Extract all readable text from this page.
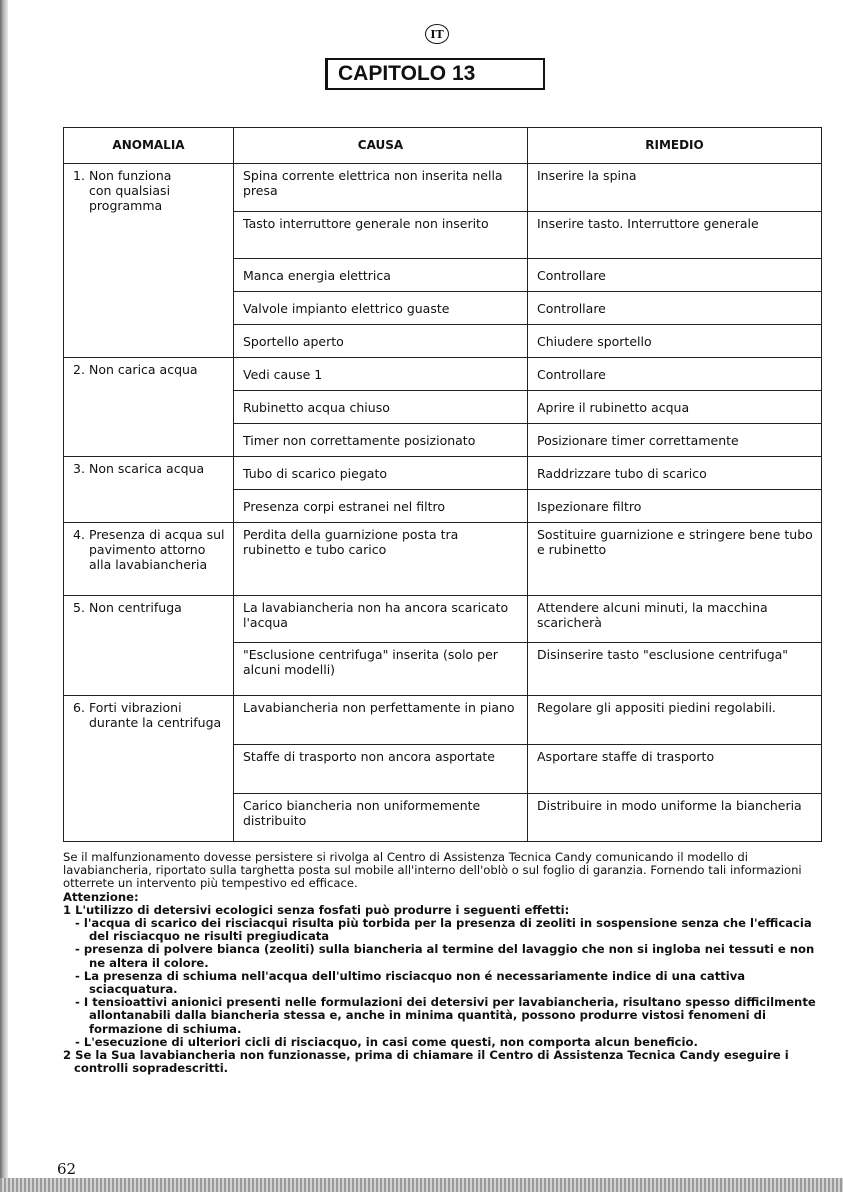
IT
CAPITOLO 13
ANOMALIA	CAUSA	RIMEDIO

1. Non funziona con qualsiasi programma	Spina corrente elettrica non inserita nella presa	Inserire la spina
	Tasto interruttore generale non inserito	Inserire tasto. Interruttore generale
	Manca energia elettrica	Controllare
	Valvole impianto elettrico guaste	Controllare
	Sportello aperto	Chiudere sportello

2. Non carica acqua	Vedi cause 1	Controllare
	Rubinetto acqua chiuso	Aprire il rubinetto acqua
	Timer non correttamente posizionato	Posizionare timer correttamente

3. Non scarica acqua	Tubo di scarico piegato	Raddrizzare tubo di scarico
	Presenza corpi estranei nel filtro	Ispezionare filtro

4. Presenza di acqua sul pavimento attorno alla lavabiancheria	Perdita della guarnizione posta tra rubinetto e tubo carico	Sostituire guarnizione e stringere bene tubo e rubinetto

5. Non centrifuga	La lavabiancheria non ha ancora scaricato l'acqua	Attendere alcuni minuti, la macchina scaricherà
	"Esclusione centrifuga" inserita (solo per alcuni modelli)	Disinserire tasto "esclusione centrifuga"

6. Forti vibrazioni durante la centrifuga	Lavabiancheria non perfettamente in piano	Regolare gli appositi piedini regolabili.
	Staffe di trasporto non ancora asportate	Asportare staffe di trasporto
	Carico biancheria non uniformemente distribuito	Distribuire in modo uniforme la biancheria

Se il malfunzionamento dovesse persistere si rivolga al Centro di Assistenza Tecnica Candy comunicando il modello di lavabiancheria, riportato sulla targhetta posta sul mobile all'interno dell'oblò o sul foglio di garanzia. Fornendo tali informazioni otterrete un intervento più tempestivo ed efficace.

Attenzione:

1 L'utilizzo di detersivi ecologici senza fosfati può produrre i seguenti effetti:

- l'acqua di scarico dei risciacqui risulta più torbida per la presenza di zeoliti in sospensione senza che l'efficacia del risciacquo ne risulti pregiudicata

- presenza di polvere bianca (zeoliti) sulla biancheria al termine del lavaggio che non si ingloba nei tessuti e non ne altera il colore.

- La presenza di schiuma nell'acqua dell'ultimo risciacquo non é necessariamente indice di una cattiva sciacquatura.

- I tensioattivi anionici presenti nelle formulazioni dei detersivi per lavabiancheria, risultano spesso difficilmente allontanabili dalla biancheria stessa e, anche in minima quantità, possono produrre vistosi fenomeni di formazione di schiuma.

- L'esecuzione di ulteriori cicli di risciacquo, in casi come questi, non comporta alcun beneficio.

2 Se la Sua lavabiancheria non funzionasse, prima di chiamare il Centro di Assistenza Tecnica Candy eseguire i controlli sopradescritti.

62
